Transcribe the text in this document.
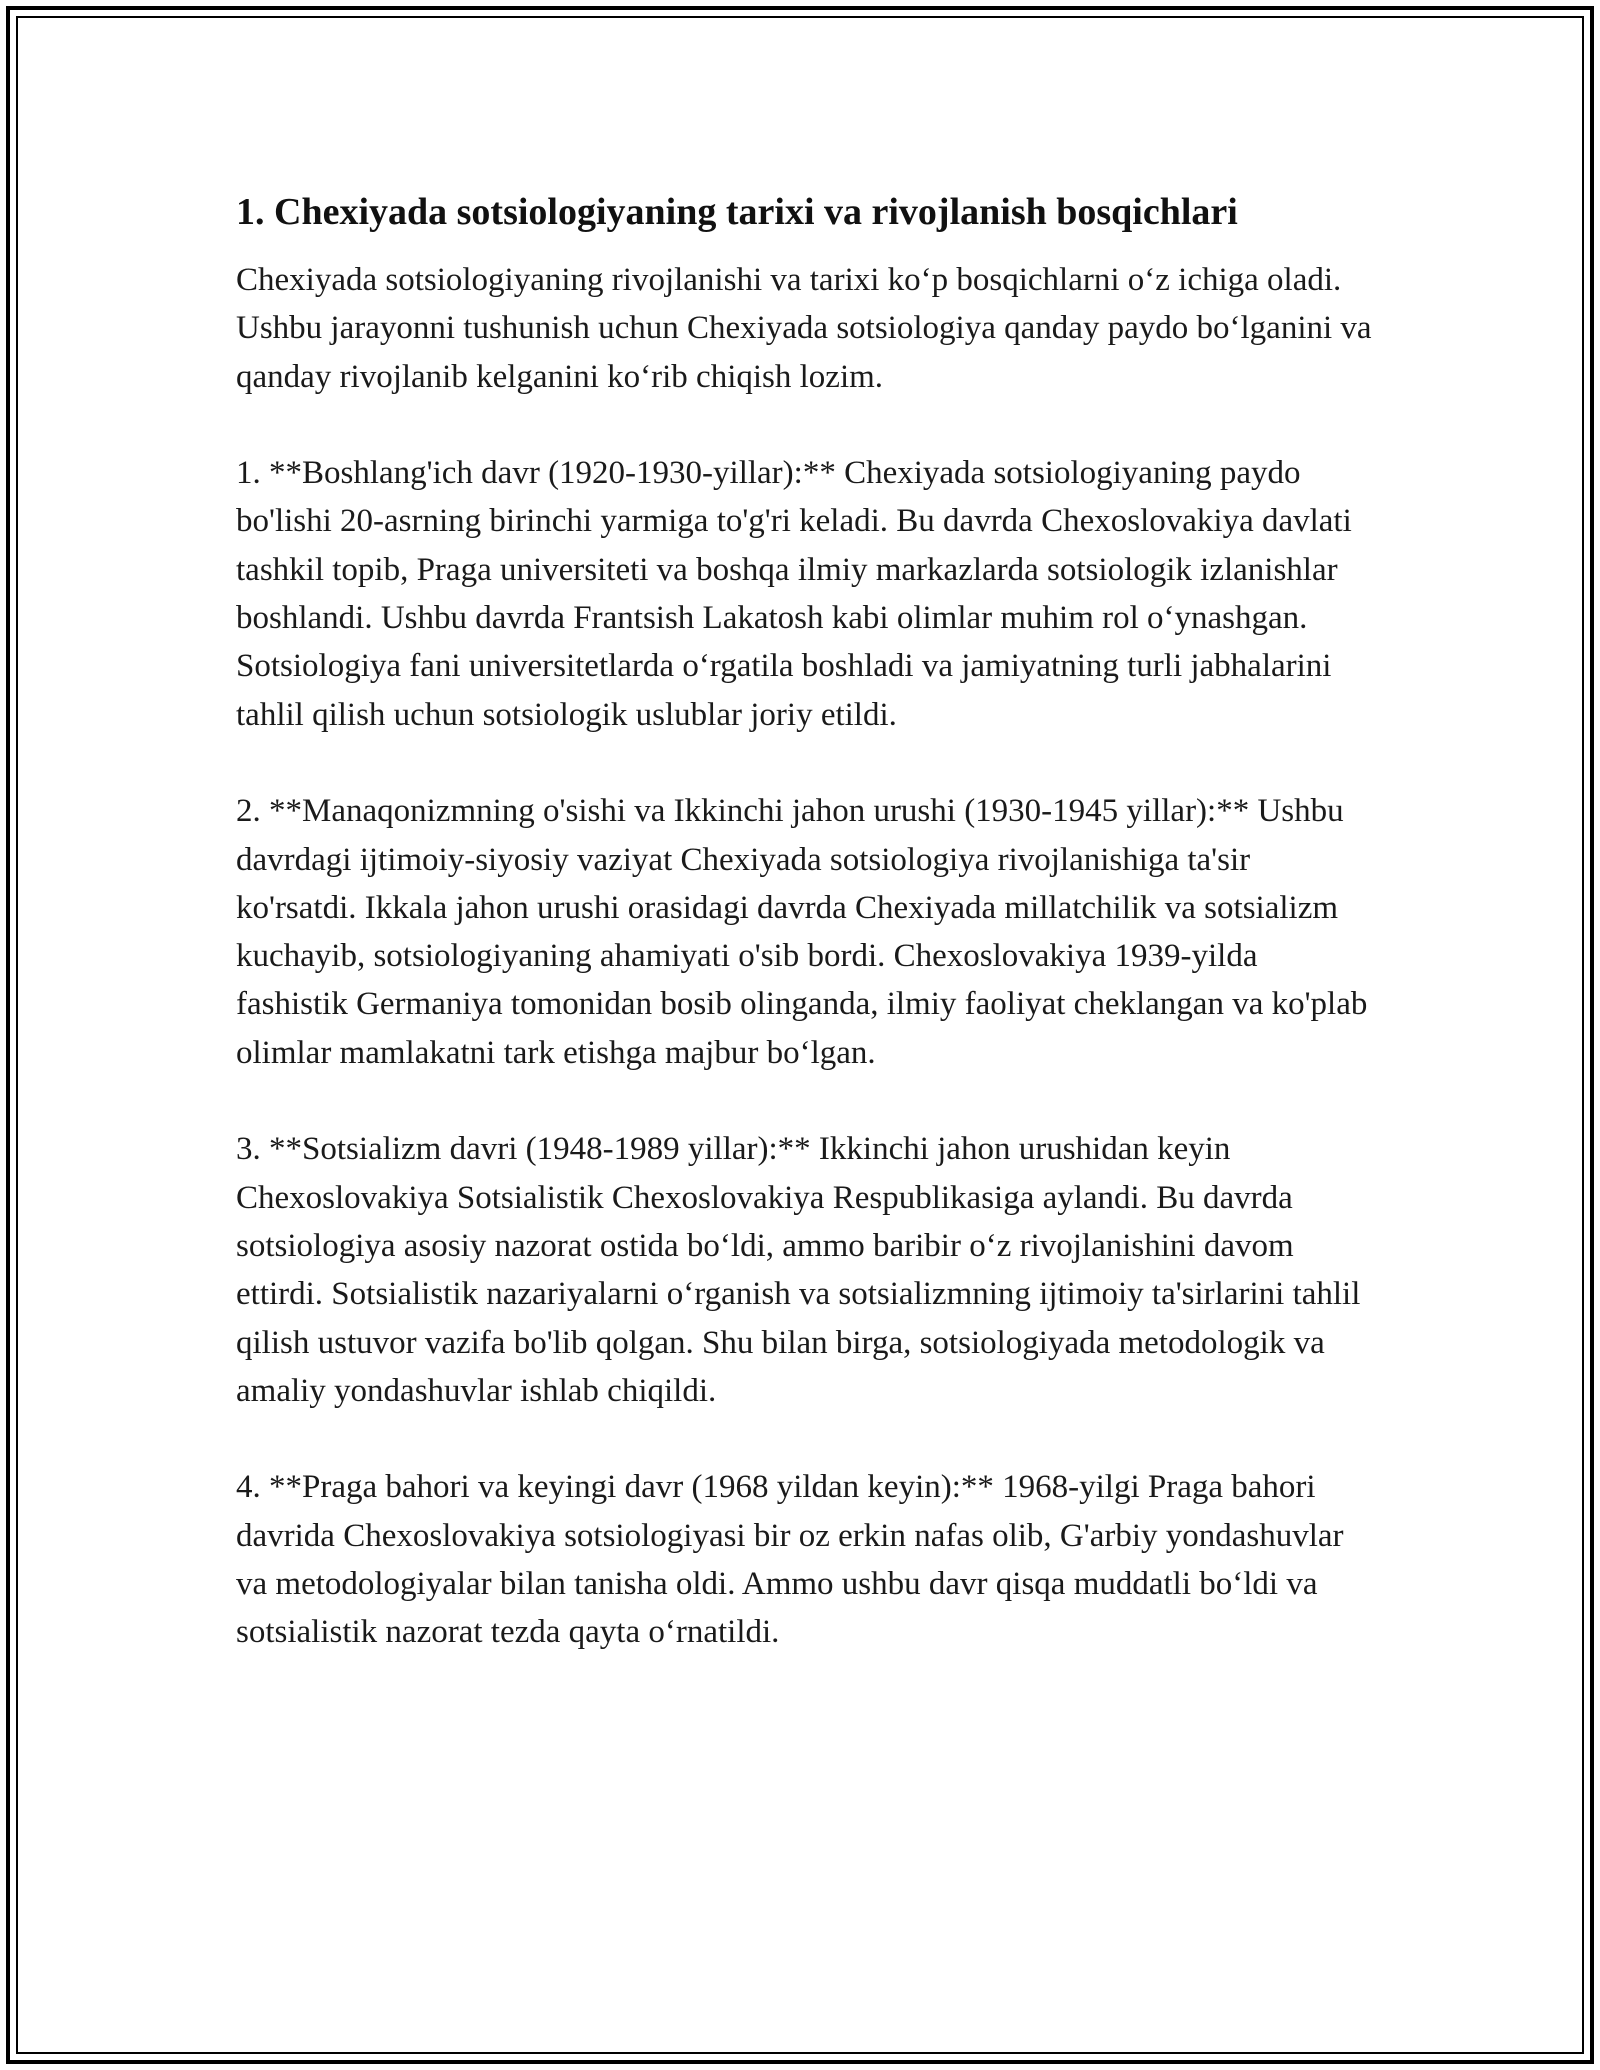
1. Chexiyada sotsiologiyaning tarixi va rivojlanish bosqichlari

Chexiyada sotsiologiyaning rivojlanishi va tarixi koʻp bosqichlarni oʻz ichiga oladi. Ushbu jarayonni tushunish uchun Chexiyada sotsiologiya qanday paydo boʻlganini va qanday rivojlanib kelganini koʻrib chiqish lozim.

1. **Boshlang'ich davr (1920-1930-yillar):** Chexiyada sotsiologiyaning paydo bo'lishi 20-asrning birinchi yarmiga to'g'ri keladi. Bu davrda Chexoslovakiya davlati tashkil topib, Praga universiteti va boshqa ilmiy markazlarda sotsiologik izlanishlar boshlandi. Ushbu davrda Frantsish Lakatosh kabi olimlar muhim rol oʻynashgan. Sotsiologiya fani universitetlarda oʻrgatila boshladi va jamiyatning turli jabhalarini tahlil qilish uchun sotsiologik uslublar joriy etildi.

2. **Manaqonizmning o'sishi va Ikkinchi jahon urushi (1930-1945 yillar):** Ushbu davrdagi ijtimoiy-siyosiy vaziyat Chexiyada sotsiologiya rivojlanishiga ta'sir ko'rsatdi. Ikkala jahon urushi orasidagi davrda Chexiyada millatchilik va sotsializm kuchayib, sotsiologiyaning ahamiyati o'sib bordi. Chexoslovakiya 1939-yilda fashistik Germaniya tomonidan bosib olinganda, ilmiy faoliyat cheklangan va ko'plab olimlar mamlakatni tark etishga majbur boʻlgan.

3. **Sotsializm davri (1948-1989 yillar):** Ikkinchi jahon urushidan keyin Chexoslovakiya Sotsialistik Chexoslovakiya Respublikasiga aylandi. Bu davrda sotsiologiya asosiy nazorat ostida boʻldi, ammo baribir oʻz rivojlanishini davom ettirdi. Sotsialistik nazariyalarni oʻrganish va sotsializmning ijtimoiy ta'sirlarini tahlil qilish ustuvor vazifa bo'lib qolgan. Shu bilan birga, sotsiologiyada metodologik va amaliy yondashuvlar ishlab chiqildi.

4. **Praga bahori va keyingi davr (1968 yildan keyin):** 1968-yilgi Praga bahori davrida Chexoslovakiya sotsiologiyasi bir oz erkin nafas olib, G'arbiy yondashuvlar va metodologiyalar bilan tanisha oldi. Ammo ushbu davr qisqa muddatli boʻldi va sotsialistik nazorat tezda qayta oʻrnatildi.
